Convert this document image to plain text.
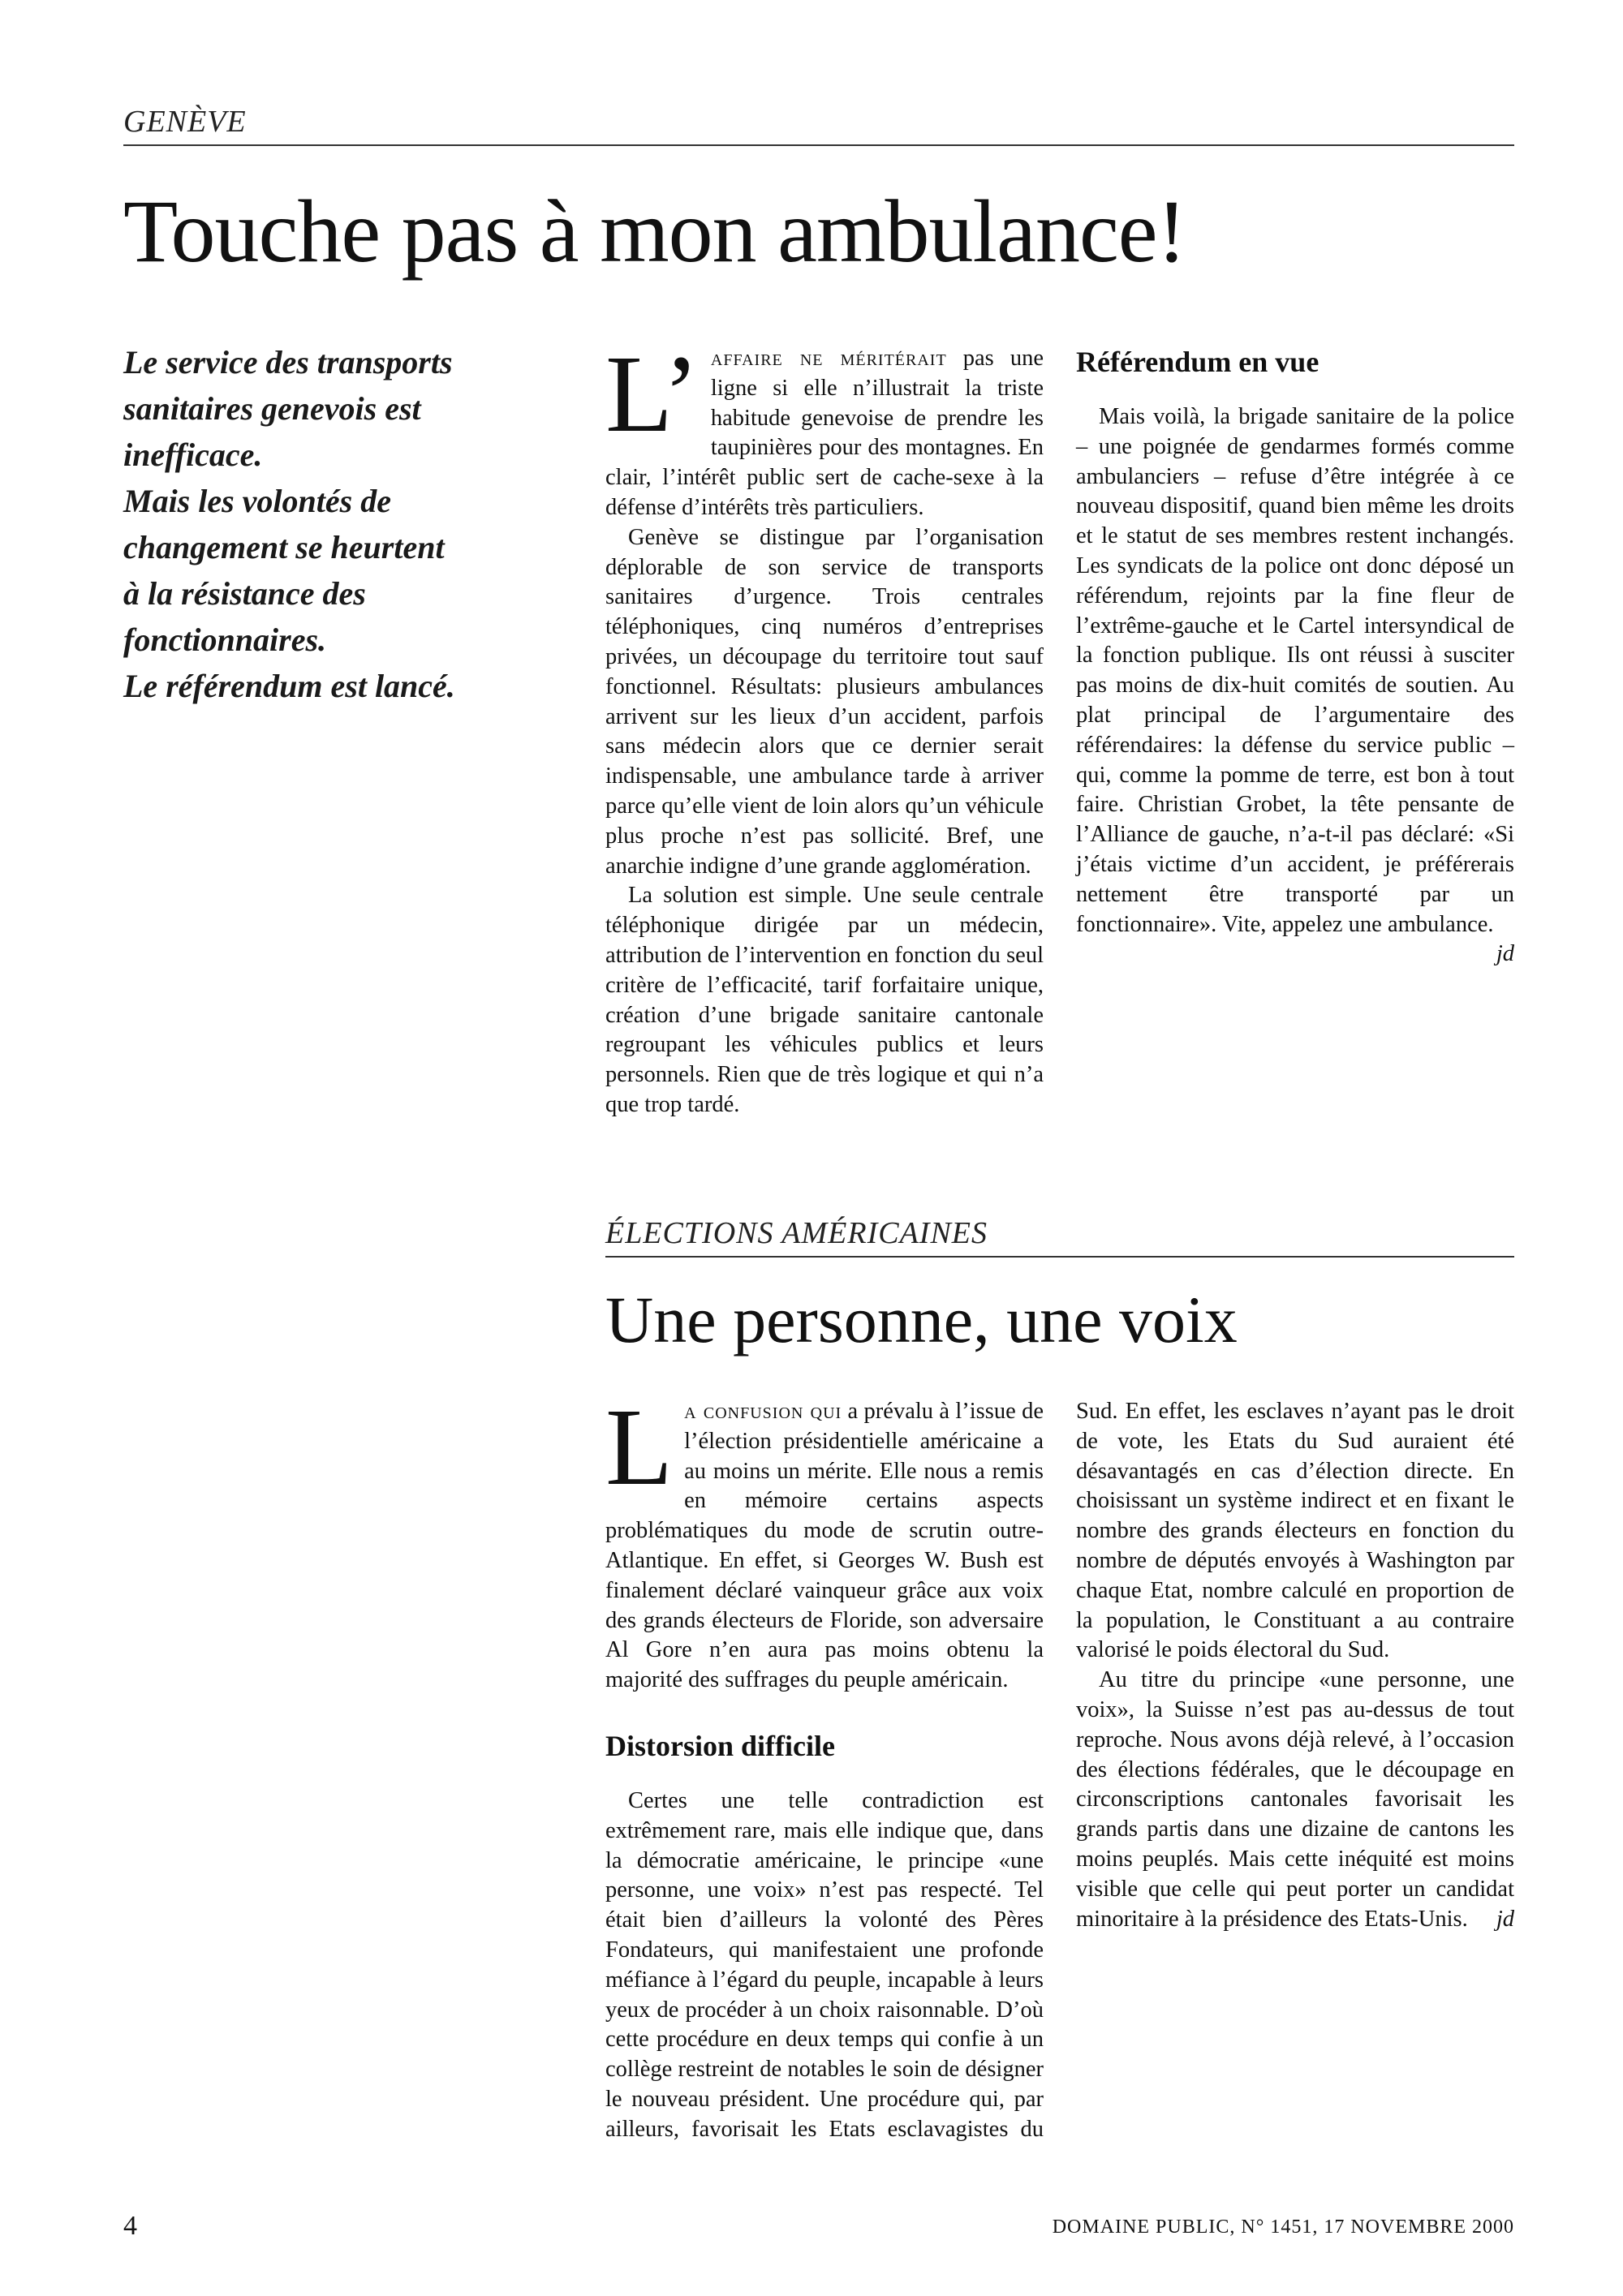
GENÈVE
Touche pas à mon ambulance!
Le service des transports
sanitaires genevois est
inefficace.
Mais les volontés de
changement se heurtent
à la résistance des
fonctionnaires.
Le référendum est lancé.

L’ affaire ne méritérait pas une ligne si elle n’illustrait la triste habitude genevoise de prendre les taupinières pour des montagnes. En clair, l’intérêt public sert de cache-sexe à la défense d’intérêts très particuliers.

Genève se distingue par l’organisation déplorable de son service de transports sanitaires d’urgence. Trois centrales téléphoniques, cinq numéros d’entreprises privées, un découpage du territoire tout sauf fonctionnel. Résultats: plusieurs ambulances arrivent sur les lieux d’un accident, parfois sans médecin alors que ce dernier serait indispensable, une ambulance tarde à arriver parce qu’elle vient de loin alors qu’un véhicule plus proche n’est pas sollicité. Bref, une anarchie indigne d’une grande agglomération.

La solution est simple. Une seule centrale téléphonique dirigée par un médecin, attribution de l’intervention en fonction du seul critère de l’efficacité, tarif forfaitaire unique, création d’une brigade sanitaire cantonale regroupant les véhicules publics et leurs personnels. Rien que de très logique et qui n’a que trop tardé.

Référendum en vue

Mais voilà, la brigade sanitaire de la police – une poignée de gendarmes formés comme ambulanciers – refuse d’être intégrée à ce nouveau dispositif, quand bien même les droits et le statut de ses membres restent inchangés. Les syndicats de la police ont donc déposé un référendum, rejoints par la fine fleur de l’extrême-gauche et le Cartel intersyndical de la fonction publique. Ils ont réussi à susciter pas moins de dix-huit comités de soutien. Au plat principal de l’argumentaire des référendaires: la défense du service public – qui, comme la pomme de terre, est bon à tout faire. Christian Grobet, la tête pensante de l’Alliance de gauche, n’a-t-il pas déclaré: «Si j’étais victime d’un accident, je préférerais nettement être transporté par un fonctionnaire». Vite, appelez une ambulance.
jd

ÉLECTIONS AMÉRICAINES
Une personne, une voix

La confusion qui a prévalu à l’issue de l’élection présidentielle américaine a au moins un mérite. Elle nous a remis en mémoire certains aspects problématiques du mode de scrutin outre-Atlantique. En effet, si Georges W. Bush est finalement déclaré vainqueur grâce aux voix des grands électeurs de Floride, son adversaire Al Gore n’en aura pas moins obtenu la majorité des suffrages du peuple américain.

Distorsion difficile

Certes une telle contradiction est extrêmement rare, mais elle indique que, dans la démocratie américaine, le principe «une personne, une voix» n’est pas respecté. Tel était bien d’ailleurs la volonté des Pères Fondateurs, qui manifestaient une profonde méfiance à l’égard du peuple, incapable à leurs yeux de procéder à un choix raisonnable. D’où cette procédure en deux temps qui confie à un collège restreint de notables le soin de désigner le nouveau président. Une procédure qui, par ailleurs, favorisait les Etats esclavagistes du Sud. En effet, les esclaves n’ayant pas le droit de vote, les Etats du Sud auraient été désavantagés en cas d’élection directe. En choisissant un système indirect et en fixant le nombre des grands électeurs en fonction du nombre de députés envoyés à Washington par chaque Etat, nombre calculé en proportion de la population, le Constituant a au contraire valorisé le poids électoral du Sud.

Au titre du principe «une personne, une voix», la Suisse n’est pas au-dessus de tout reproche. Nous avons déjà relevé, à l’occasion des élections fédérales, que le découpage en circonscriptions cantonales favorisait les grands partis dans une dizaine de cantons les moins peuplés. Mais cette inéquité est moins visible que celle qui peut porter un candidat minoritaire à la présidence des Etats-Unis.	jd

4	DOMAINE PUBLIC, N° 1451, 17 NOVEMBRE 2000
